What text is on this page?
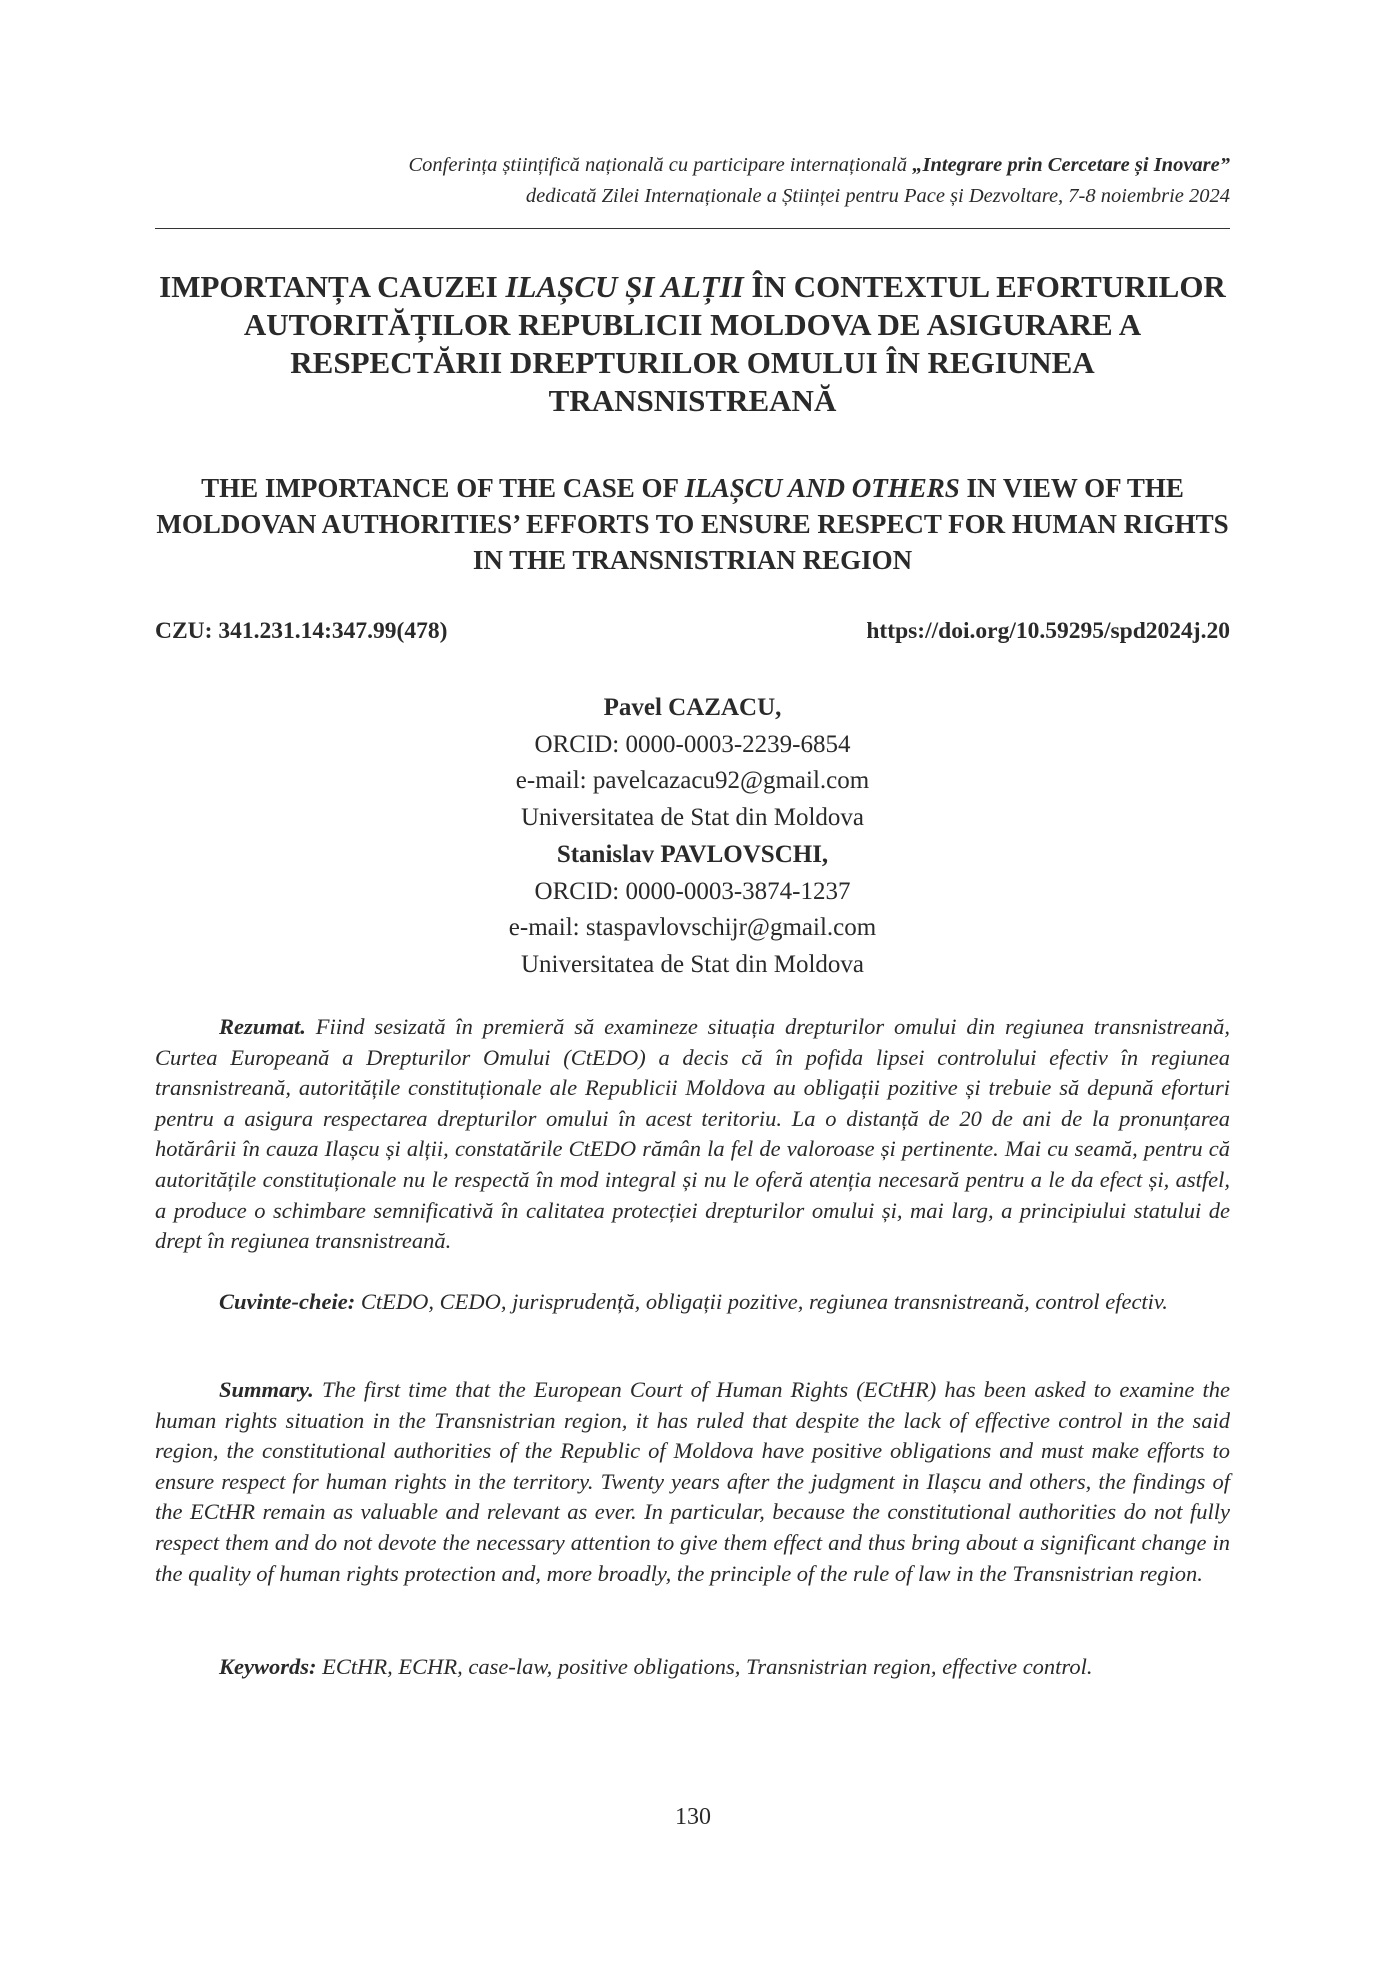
Conferința științifică națională cu participare internațională „Integrare prin Cercetare și Inovare”
dedicată Zilei Internaționale a Științei pentru Pace și Dezvoltare, 7-8 noiembrie 2024
IMPORTANȚA CAUZEI ILAȘCU ȘI ALȚII ÎN CONTEXTUL EFORTURILOR AUTORITĂȚILOR REPUBLICII MOLDOVA DE ASIGURARE A RESPECTĂRII DREPTURILOR OMULUI ÎN REGIUNEA TRANSNISTREANĂ
THE IMPORTANCE OF THE CASE OF ILAȘCU AND OTHERS IN VIEW OF THE MOLDOVAN AUTHORITIES’ EFFORTS TO ENSURE RESPECT FOR HUMAN RIGHTS IN THE TRANSNISTRIAN REGION
CZU: 341.231.14:347.99(478)	https://doi.org/10.59295/spd2024j.20
Pavel CAZACU,
ORCID: 0000-0003-2239-6854
e-mail: pavelcazacu92@gmail.com
Universitatea de Stat din Moldova
Stanislav PAVLOVSCHI,
ORCID: 0000-0003-3874-1237
e-mail: staspavlovschijr@gmail.com
Universitatea de Stat din Moldova

Rezumat. Fiind sesizată în premieră să examineze situația drepturilor omului din regiunea transnistreană, Curtea Europeană a Drepturilor Omului (CtEDO) a decis că în pofida lipsei controlului efectiv în regiunea transnistreană, autoritățile constituționale ale Republicii Moldova au obligații pozitive și trebuie să depună eforturi pentru a asigura respectarea drepturilor omului în acest teritoriu. La o distanță de 20 de ani de la pronunțarea hotărârii în cauza Ilașcu și alții, constatările CtEDO rămân la fel de valoroase și pertinente. Mai cu seamă, pentru că autoritățile constituționale nu le respectă în mod integral și nu le oferă atenția necesară pentru a le da efect și, astfel, a produce o schimbare semnificativă în calitatea protecției drepturilor omului și, mai larg, a principiului statului de drept în regiunea transnistreană.

Cuvinte-cheie: CtEDO, CEDO, jurisprudență, obligații pozitive, regiunea transnistreană, control efectiv.

Summary. The first time that the European Court of Human Rights (ECtHR) has been asked to examine the human rights situation in the Transnistrian region, it has ruled that despite the lack of effective control in the said region, the constitutional authorities of the Republic of Moldova have positive obligations and must make efforts to ensure respect for human rights in the territory. Twenty years after the judgment in Ilașcu and others, the findings of the ECtHR remain as valuable and relevant as ever. In particular, because the constitutional authorities do not fully respect them and do not devote the necessary attention to give them effect and thus bring about a significant change in the quality of human rights protection and, more broadly, the principle of the rule of law in the Transnistrian region.

Keywords: ECtHR, ECHR, case-law, positive obligations, Transnistrian region, effective control.

130
